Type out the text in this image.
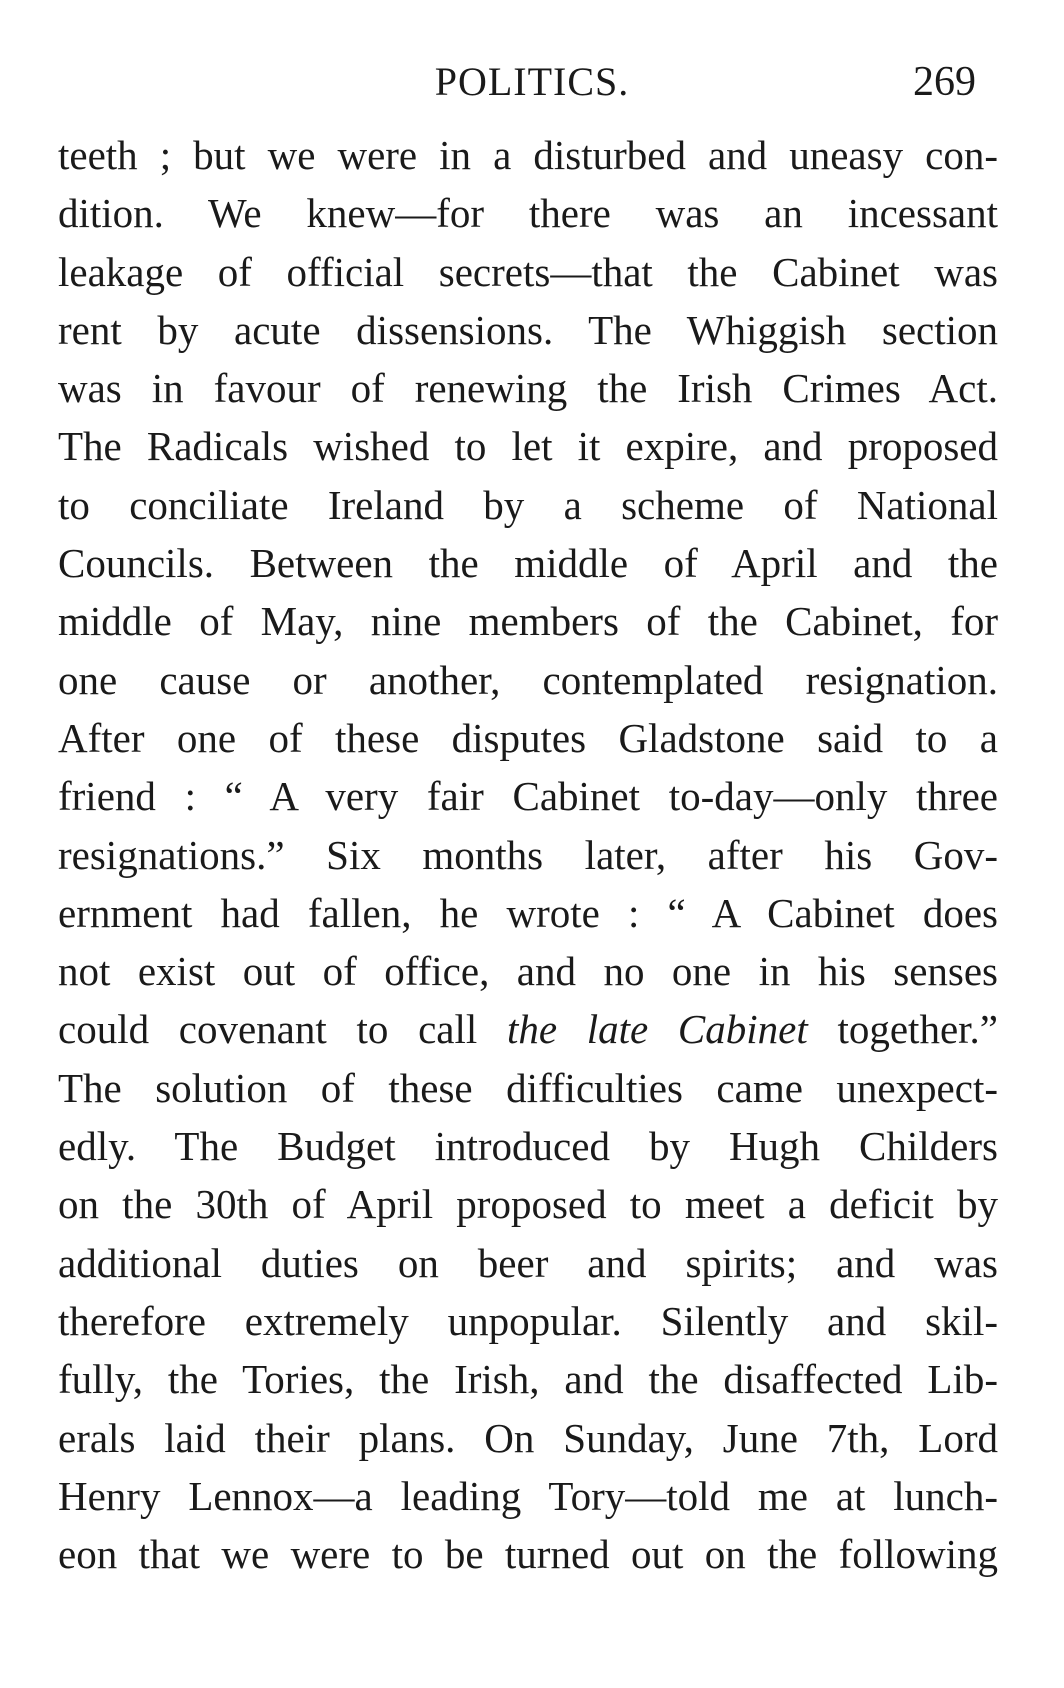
POLITICS.	269
teeth ; but we were in a disturbed and uneasy con-
dition. We knew—for there was an incessant
leakage of official secrets—that the Cabinet was
rent by acute dissensions. The Whiggish section
was in favour of renewing the Irish Crimes Act.
The Radicals wished to let it expire, and proposed
to conciliate Ireland by a scheme of National
Councils. Between the middle of April and the
middle of May, nine members of the Cabinet, for
one cause or another, contemplated resignation.
After one of these disputes Gladstone said to a
friend : “ A very fair Cabinet to-day—only three
resignations.” Six months later, after his Gov-
ernment had fallen, he wrote : “ A Cabinet does
not exist out of office, and no one in his senses
could covenant to call the late Cabinet together.”
The solution of these difficulties came unexpect-
edly. The Budget introduced by Hugh Childers
on the 30th of April proposed to meet a deficit by
additional duties on beer and spirits; and was
therefore extremely unpopular. Silently and skil-
fully, the Tories, the Irish, and the disaffected Lib-
erals laid their plans. On Sunday, June 7th, Lord
Henry Lennox—a leading Tory—told me at lunch-
eon that we were to be turned out on the following
